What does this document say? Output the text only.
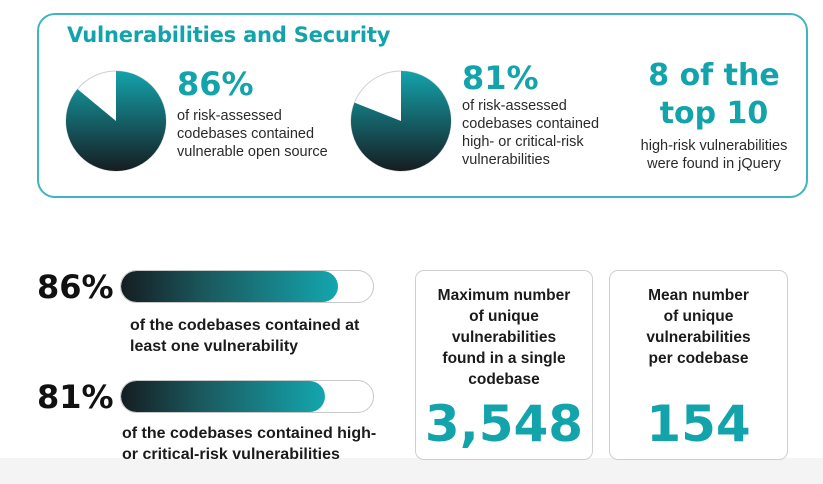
Vulnerabilities and Security
86%
of risk-assessed
codebases contained
vulnerable open source
81%
of risk-assessed
codebases contained
high- or critical-risk
vulnerabilities
8 of the
top 10
high-risk vulnerabilities
were found in jQuery
86%
of the codebases contained at
least one vulnerability
81%
of the codebases contained high-
or critical-risk vulnerabilities
Maximum number
of unique
vulnerabilities
found in a single
codebase
3,548
Mean number
of unique
vulnerabilities
per codebase
154
